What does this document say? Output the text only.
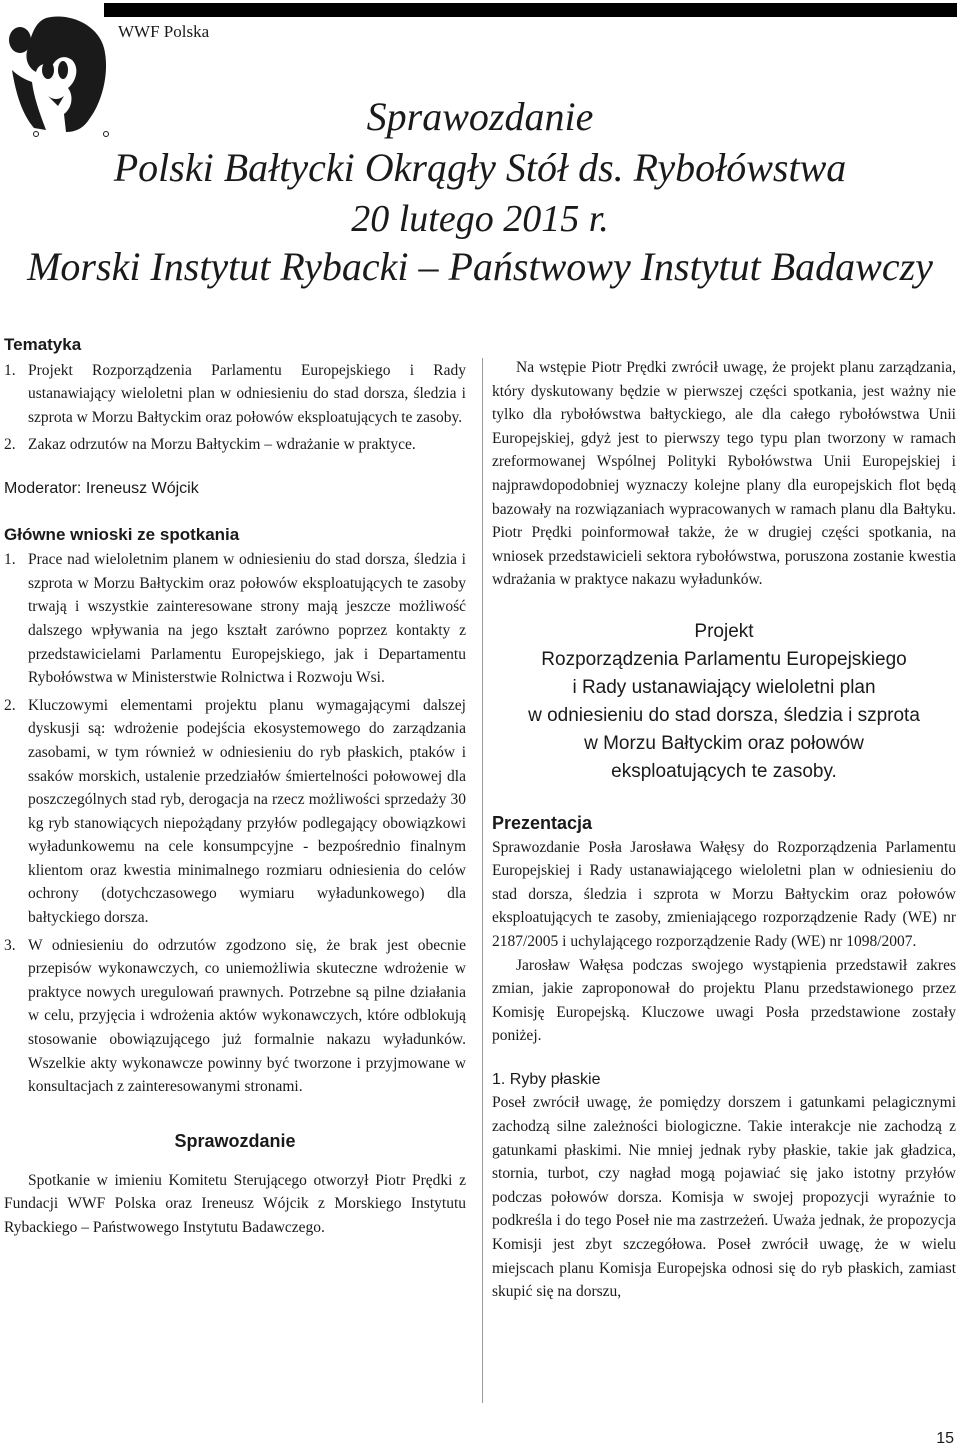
WWF Polska
Sprawozdanie
Polski Bałtycki Okrągły Stół ds. Rybołówstwa
20 lutego 2015 r.
Morski Instytut Rybacki – Państwowy Instytut Badawczy
Tematyka
1. Projekt Rozporządzenia Parlamentu Europejskiego i Rady ustanawiający wieloletni plan w odniesieniu do stad dorsza, śledzia i szprota w Morzu Bałtyckim oraz połowów eksploatujących te zasoby.
2. Zakaz odrzutów na Morzu Bałtyckim – wdrażanie w praktyce.
Moderator: Ireneusz Wójcik
Główne wnioski ze spotkania
1. Prace nad wieloletnim planem w odniesieniu do stad dorsza, śledzia i szprota w Morzu Bałtyckim oraz połowów eksploatujących te zasoby trwają i wszystkie zainteresowane strony mają jeszcze możliwość dalszego wpływania na jego kształt zarówno poprzez kontakty z przedstawicielami Parlamentu Europejskiego, jak i Departamentu Rybołówstwa w Ministerstwie Rolnictwa i Rozwoju Wsi.
2. Kluczowymi elementami projektu planu wymagającymi dalszej dyskusji są: wdrożenie podejścia ekosystemowego do zarządzania zasobami, w tym również w odniesieniu do ryb płaskich, ptaków i ssaków morskich, ustalenie przedziałów śmiertelności połowowej dla poszczególnych stad ryb, derogacja na rzecz możliwości sprzedaży 30 kg ryb stanowiących niepożądany przyłów podlegający obowiązkowi wyładunkowemu na cele konsumpcyjne - bezpośrednio finalnym klientom oraz kwestia minimalnego rozmiaru odniesienia do celów ochrony (dotychczasowego wymiaru wyładunkowego) dla bałtyckiego dorsza.
3. W odniesieniu do odrzutów zgodzono się, że brak jest obecnie przepisów wykonawczych, co uniemożliwia skuteczne wdrożenie w praktyce nowych uregulowań prawnych. Potrzebne są pilne działania w celu, przyjęcia i wdrożenia aktów wykonawczych, które odblokują stosowanie obowiązującego już formalnie nakazu wyładunków. Wszelkie akty wykonawcze powinny być tworzone i przyjmowane w konsultacjach z zainteresowanymi stronami.
Sprawozdanie

Spotkanie w imieniu Komitetu Sterującego otworzył Piotr Prędki z Fundacji WWF Polska oraz Ireneusz Wójcik z Morskiego Instytutu Rybackiego – Państwowego Instytutu Badawczego.

Na wstępie Piotr Prędki zwrócił uwagę, że projekt planu zarządzania, który dyskutowany będzie w pierwszej części spotkania, jest ważny nie tylko dla rybołówstwa bałtyckiego, ale dla całego rybołówstwa Unii Europejskiej, gdyż jest to pierwszy tego typu plan tworzony w ramach zreformowanej Wspólnej Polityki Rybołówstwa Unii Europejskiej i najprawdopodobniej wyznaczy kolejne plany dla europejskich flot będą bazowały na rozwiązaniach wypracowanych w ramach planu dla Bałtyku. Piotr Prędki poinformował także, że w drugiej części spotkania, na wniosek przedstawicieli sektora rybołówstwa, poruszona zostanie kwestia wdrażania w praktyce nakazu wyładunków.

Projekt

Rozporządzenia Parlamentu Europejskiego

i Rady ustanawiający wieloletni plan

w odniesieniu do stad dorsza, śledzia i szprota

w Morzu Bałtyckim oraz połowów

eksploatujących te zasoby.

Prezentacja

Sprawozdanie Posła Jarosława Wałęsy do Rozporządzenia Parlamentu Europejskiej i Rady ustanawiającego wieloletni plan w odniesieniu do stad dorsza, śledzia i szprota w Morzu Bałtyckim oraz połowów eksploatujących te zasoby, zmieniającego rozporządzenie Rady (WE) nr 2187/2005 i uchylającego rozporządzenie Rady (WE) nr 1098/2007.

Jarosław Wałęsa podczas swojego wystąpienia przedstawił zakres zmian, jakie zaproponował do projektu Planu przedstawionego przez Komisję Europejską. Kluczowe uwagi Posła przedstawione zostały poniżej.

1. Ryby płaskie

Poseł zwrócił uwagę, że pomiędzy dorszem i gatunkami pelagicznymi zachodzą silne zależności biologiczne. Takie interakcje nie zachodzą z gatunkami płaskimi. Nie mniej jednak ryby płaskie, takie jak gładzica, stornia, turbot, czy nagład mogą pojawiać się jako istotny przyłów podczas połowów dorsza. Komisja w swojej propozycji wyraźnie to podkreśla i do tego Poseł nie ma zastrzeżeń. Uważa jednak, że propozycja Komisji jest zbyt szczegółowa. Poseł zwrócił uwagę, że w wielu miejscach planu Komisja Europejska odnosi się do ryb płaskich, zamiast skupić się na dorszu,

15
